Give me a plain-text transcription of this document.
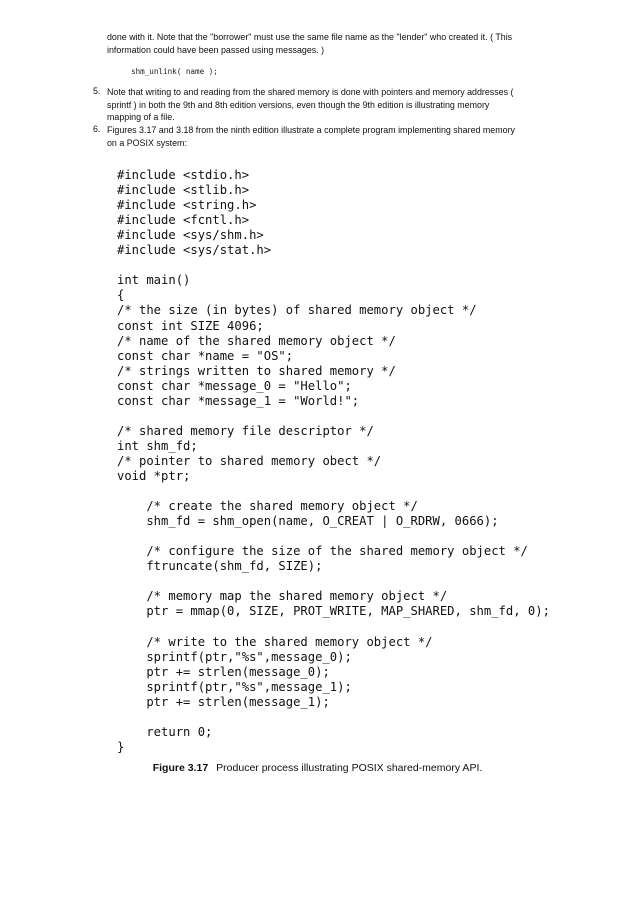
done with it. Note that the "borrower" must use the same file name as the "lender" who created it. ( This
information could have been passed using messages. )
shm_unlink( name );
5. Note that writing to and reading from the shared memory is done with pointers and memory addresses (
sprintf ) in both the 9th and 8th edition versions, even though the 9th edition is illustrating memory
mapping of a file.
6. Figures 3.17 and 3.18 from the ninth edition illustrate a complete program implementing shared memory
on a POSIX system:
#include <stdio.h>
#include <stlib.h>
#include <string.h>
#include <fcntl.h>
#include <sys/shm.h>
#include <sys/stat.h>
int main()
{
/* the size (in bytes) of shared memory object */
const int SIZE 4096;
/* name of the shared memory object */
const char *name = "OS";
/* strings written to shared memory */
const char *message_0 = "Hello";
const char *message_1 = "World!";
/* shared memory file descriptor */
int shm_fd;
/* pointer to shared memory obect */
void *ptr;
/* create the shared memory object */
shm_fd = shm_open(name, O_CREAT | O_RDRW, 0666);
/* configure the size of the shared memory object */
ftruncate(shm_fd, SIZE);
/* memory map the shared memory object */
ptr = mmap(0, SIZE, PROT_WRITE, MAP_SHARED, shm_fd, 0);
/* write to the shared memory object */
sprintf(ptr,"%s",message_0);
ptr += strlen(message_0);
sprintf(ptr,"%s",message_1);
ptr += strlen(message_1);
return 0;
}
Figure 3.17 Producer process illustrating POSIX shared-memory API.
